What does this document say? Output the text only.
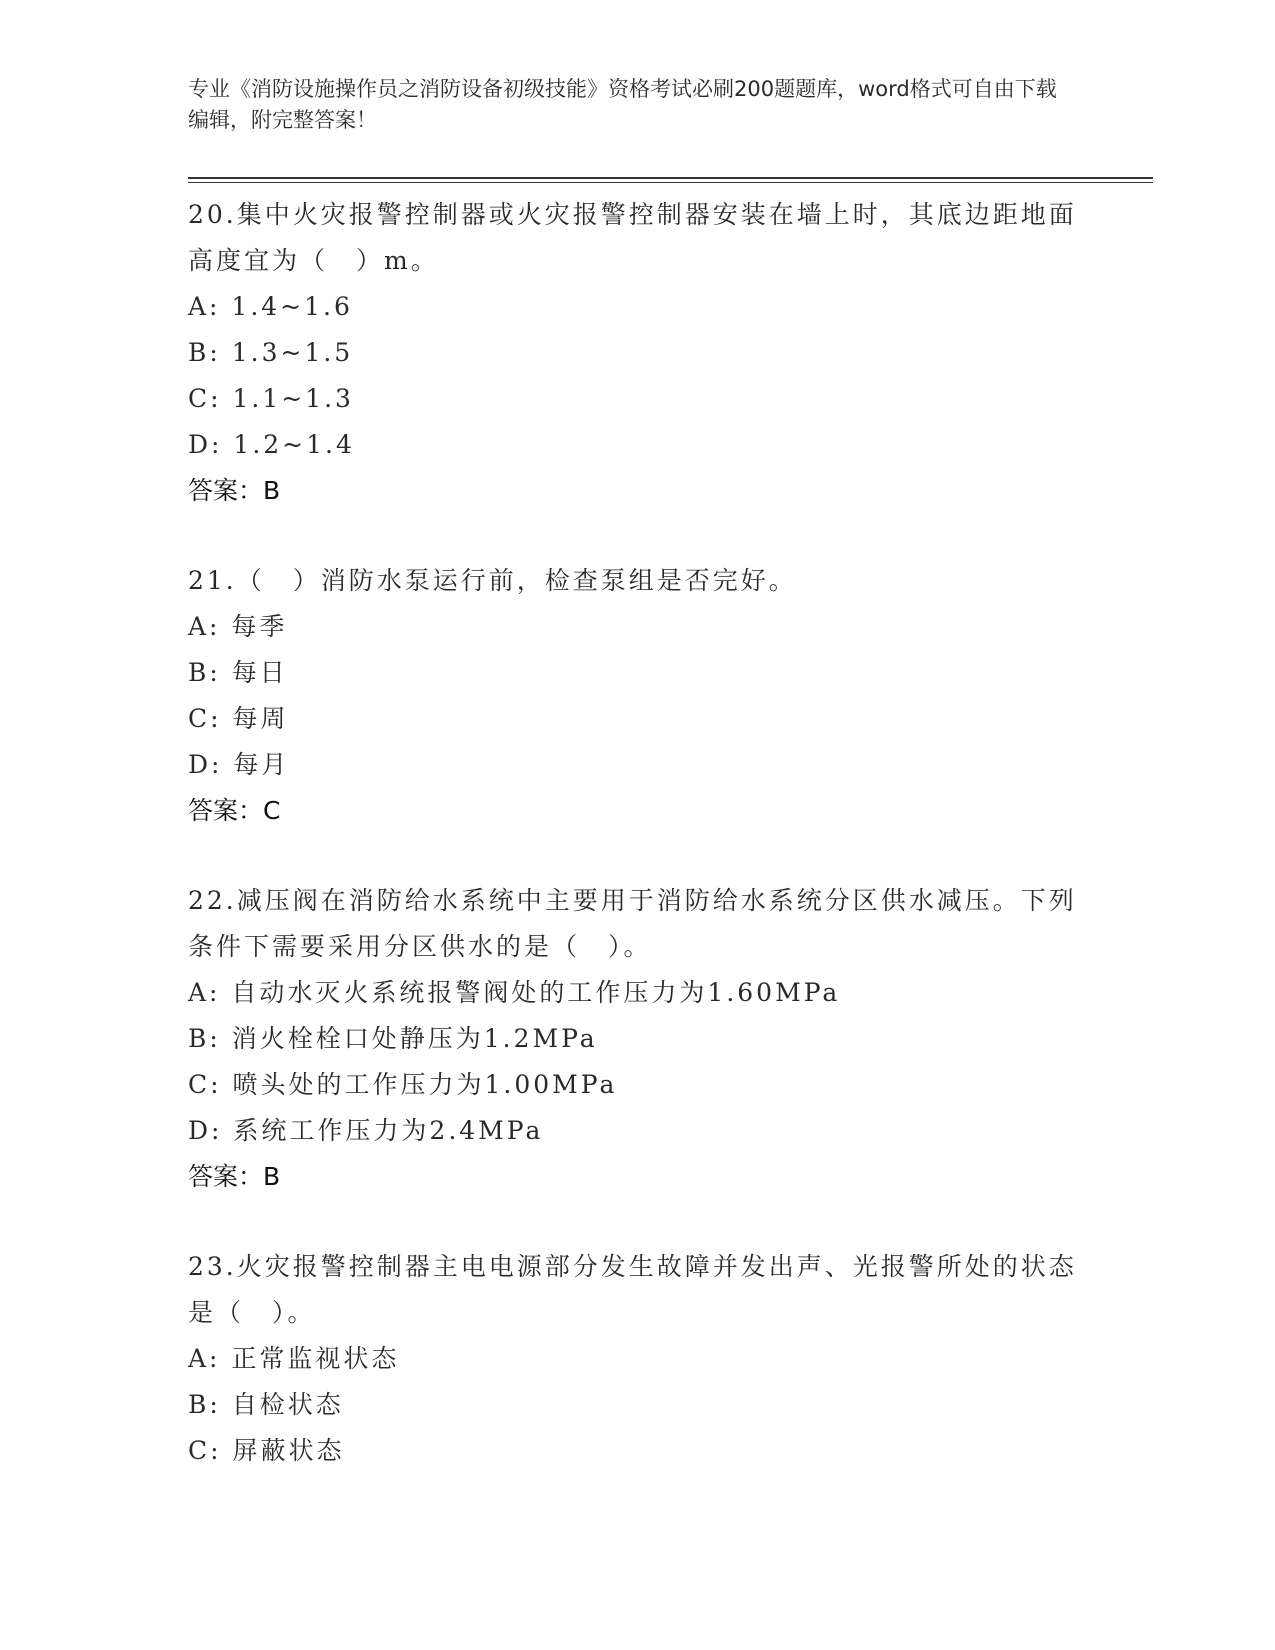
专业《消防设施操作员之消防设备初级技能》资格考试必刷200题题库，word格式可自由下载编辑，附完整答案！
20.集中火灾报警控制器或火灾报警控制器安装在墙上时，其底边距地面高度宜为（　）m。
A: 1.4~1.6
B: 1.3~1.5
C: 1.1~1.3
D: 1.2~1.4
答案：B
21.（　）消防水泵运行前，检查泵组是否完好。
A: 每季
B: 每日
C: 每周
D: 每月
答案：C
22.减压阀在消防给水系统中主要用于消防给水系统分区供水减压。下列条件下需要采用分区供水的是（　）。
A: 自动水灭火系统报警阀处的工作压力为1.60MPa
B: 消火栓栓口处静压为1.2MPa
C: 喷头处的工作压力为1.00MPa
D: 系统工作压力为2.4MPa
答案：B
23.火灾报警控制器主电电源部分发生故障并发出声、光报警所处的状态是（　）。
A: 正常监视状态
B: 自检状态
C: 屏蔽状态
